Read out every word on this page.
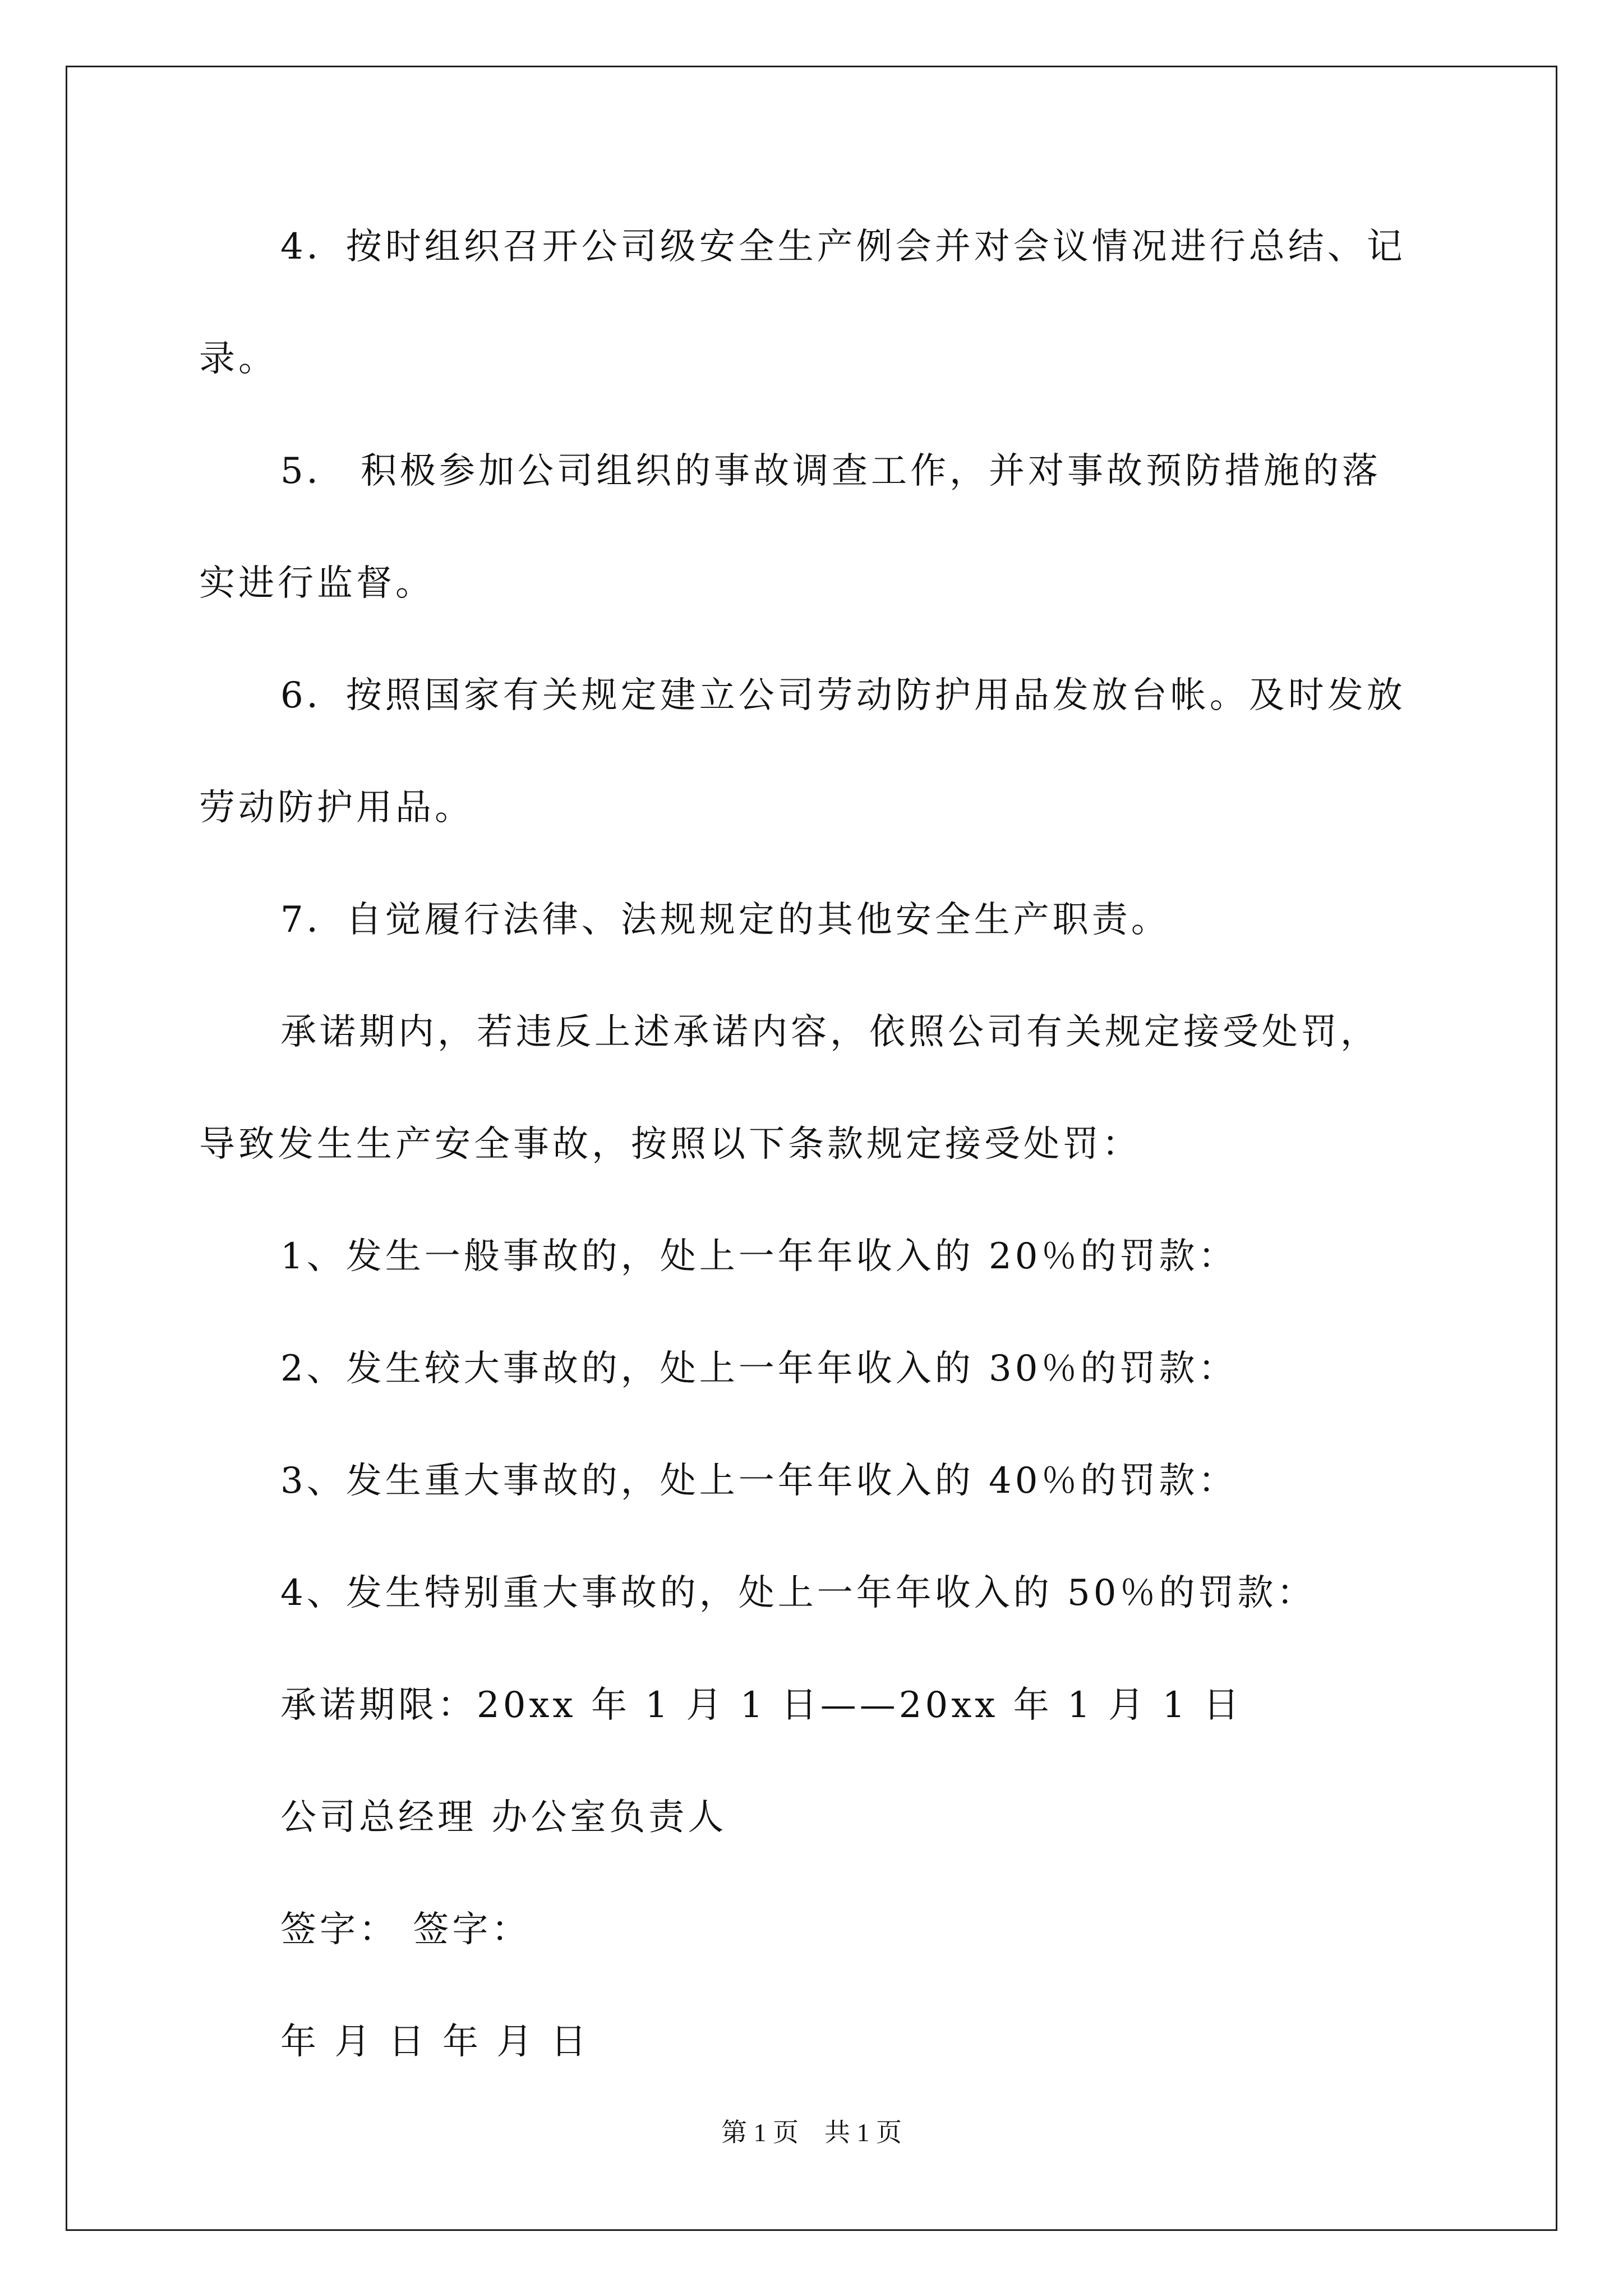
4．按时组织召开公司级安全生产例会并对会议情况进行总结、记
录。
5． 积极参加公司组织的事故调查工作，并对事故预防措施的落
实进行监督。
6．按照国家有关规定建立公司劳动防护用品发放台帐。及时发放
劳动防护用品。
7．自觉履行法律、法规规定的其他安全生产职责。
承诺期内，若违反上述承诺内容，依照公司有关规定接受处罚，
导致发生生产安全事故，按照以下条款规定接受处罚：
1、发生一般事故的，处上一年年收入的 20％的罚款：
2、发生较大事故的，处上一年年收入的 30％的罚款：
3、发生重大事故的，处上一年年收入的 40％的罚款：
4、发生特别重大事故的，处上一年年收入的 50％的罚款：
承诺期限：20xx 年 1 月 1 日——20xx 年 1 月 1 日
公司总经理 办公室负责人
签字： 签字：
年 月 日 年 月 日
第 1 页　共 1 页
